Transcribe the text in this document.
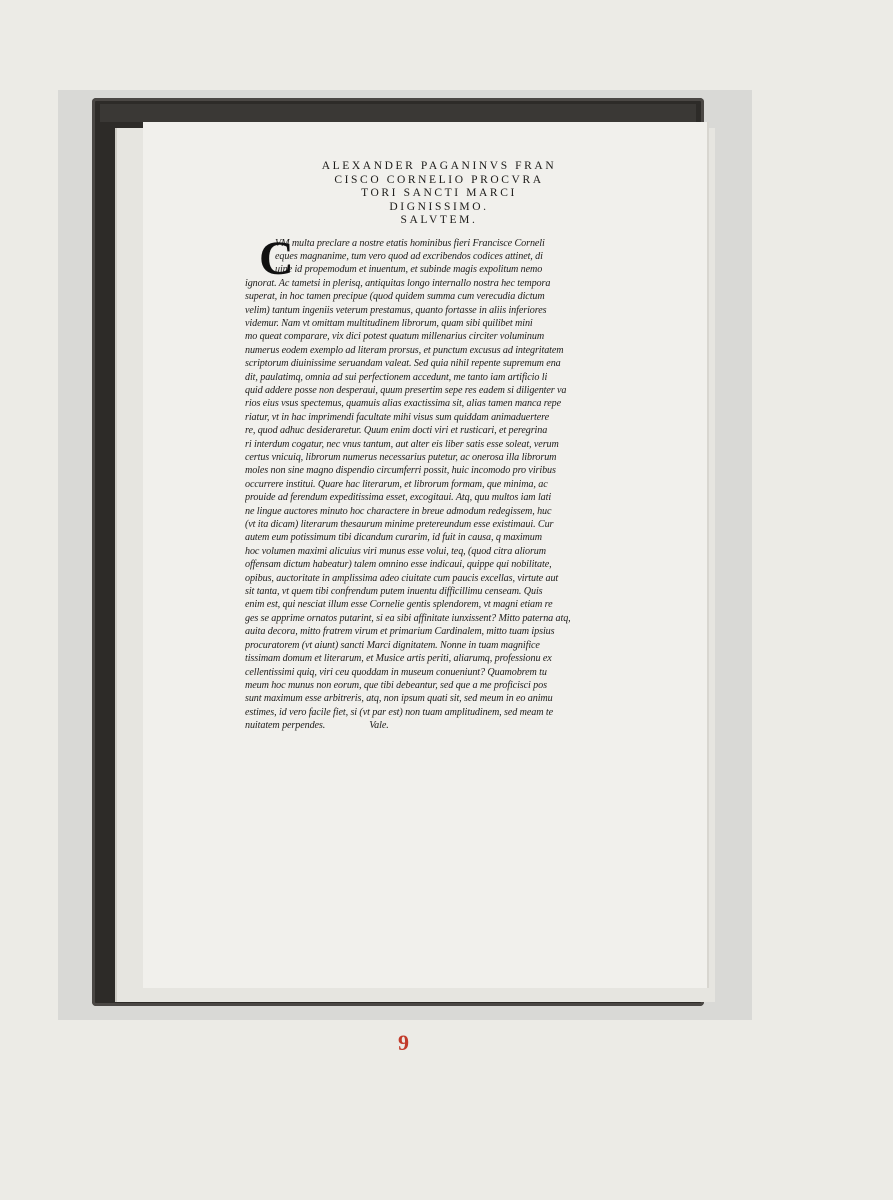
ALEXANDER PAGANINVS FRAN
CISCO CORNELIO PROCVRA
TORI SANCTI MARCI
DIGNISSIMO.
SALVTEM.
C
VM multa preclare a nostre etatis hominibus fieri Francisce Corneli
eques magnanime, tum vero quod ad excribendos codices attinet, di
uine id propemodum et inuentum, et subinde magis expolitum nemo
ignorat. Ac tametsi in plerisq, antiquitas longo internallo nostra hec tempora
superat, in hoc tamen precipue (quod quidem summa cum verecudia dictum
velim) tantum ingeniis veterum prestamus, quanto fortasse in aliis inferiores
videmur. Nam vt omittam multitudinem librorum, quam sibi quilibet mini
mo queat comparare, vix dici potest quatum millenarius circiter voluminum
numerus eodem exemplo ad literam prorsus, et punctum excusus ad integritatem
scriptorum diuinissime seruandam valeat. Sed quia nihil repente supremum ena
dit, paulatimq, omnia ad sui perfectionem accedunt, me tanto iam artificio li
quid addere posse non desperaui, quum presertim sepe res eadem si diligenter va
rios eius vsus spectemus, quamuis alias exactissima sit, alias tamen manca repe
riatur, vt in hac imprimendi facultate mihi visus sum quiddam animaduertere
re, quod adhuc desideraretur. Quum enim docti viri et rusticari, et peregrina
ri interdum cogatur, nec vnus tantum, aut alter eis liber satis esse soleat, verum
certus vnicuiq, librorum numerus necessarius putetur, ac onerosa illa librorum
moles non sine magno dispendio circumferri possit, huic incomodo pro viribus
occurrere institui. Quare hac literarum, et librorum formam, que minima, ac
prouide ad ferendum expeditissima esset, excogitaui. Atq, quu multos iam lati
ne lingue auctores minuto hoc charactere in breue admodum redegissem, huc
(vt ita dicam) literarum thesaurum minime pretereundum esse existimaui. Cur
autem eum potissimum tibi dicandum curarim, id fuit in causa, q maximum
hoc volumen maximi alicuius viri munus esse volui, teq, (quod citra aliorum
offensam dictum habeatur) talem omnino esse indicaui, quippe qui nobilitate,
opibus, auctoritate in amplissima adeo ciuitate cum paucis excellas, virtute aut
sit tanta, vt quem tibi confrendum putem inuentu difficillimu censeam. Quis
enim est, qui nesciat illum esse Cornelie gentis splendorem, vt magni etiam re
ges se apprime ornatos putarint, si ea sibi affinitate iunxissent? Mitto paterna atq,
auita decora, mitto fratrem virum et primarium Cardinalem, mitto tuam ipsius
procuratorem (vt aiunt) sancti Marci dignitatem. Nonne in tuam magnifice
tissimam domum et literarum, et Musice artis periti, aliarumq, professionu ex
cellentissimi quiq, viri ceu quoddam in museum conueniunt? Quamobrem tu
meum hoc munus non eorum, que tibi debeantur, sed que a me proficisci pos
sunt maximum esse arbitreris, atq, non ipsum quati sit, sed meum in eo animu
estimes, id vero facile fiet, si (vt par est) non tuam amplitudinem, sed meam te
nuitatem perpendes.	Vale.
9
